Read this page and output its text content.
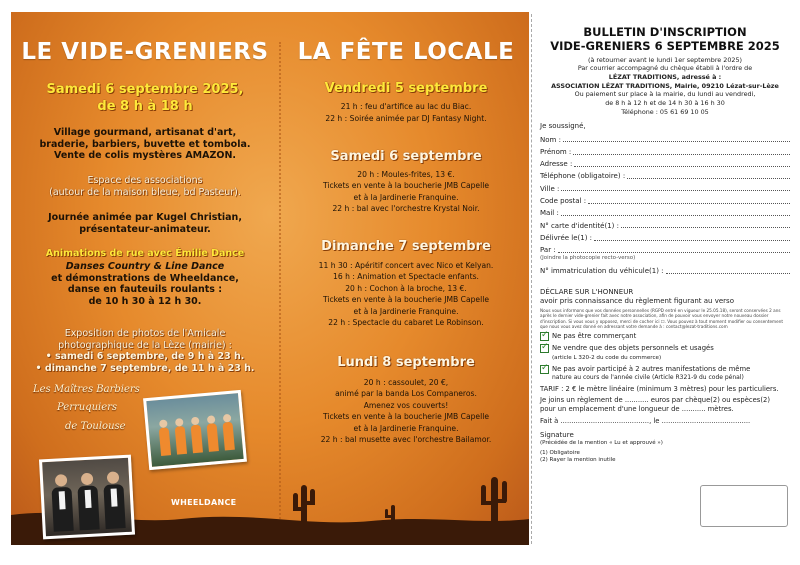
LE VIDE-GRENIERS
Samedi 6 septembre 2025,
de 8 h à 18 h
Village gourmand, artisanat d'art,
braderie, barbiers, buvette et tombola.
Vente de colis mystères AMAZON.
Espace des associations
(autour de la maison bleue, bd Pasteur).
Journée animée par Kugel Christian,
présentateur-animateur.
Animations de rue avec Émilie Dance
Danses Country & Line Dance
et démonstrations de Wheeldance,
danse en fauteuils roulants :
de 10 h 30 à 12 h 30.
Exposition de photos de l'Amicale
photographique de la Lèze (mairie) :
• samedi 6 septembre, de 9 h à 23 h.
• dimanche 7 septembre, de 11 h à 23 h.
LA FÊTE LOCALE
Vendredi 5 septembre
21 h : feu d'artifice au lac du Biac.
22 h : Soirée animée par DJ Fantasy Night.
Samedi 6 septembre
20 h : Moules-frites, 13 €.
Tickets en vente à la boucherie JMB Capelle
et à la Jardinerie Franquine.
22 h : bal avec l'orchestre Krystal Noir.
Dimanche 7 septembre
11 h 30 : Apéritif concert avec Nico et Kelyan.
16 h : Animation et Spectacle enfants.
20 h : Cochon à la broche, 13 €.
Tickets en vente à la boucherie JMB Capelle
et à la Jardinerie Franquine.
22 h : Spectacle du cabaret Le Robinson.
Lundi 8 septembre
20 h : cassoulet, 20 €,
animé par la banda Los Companeros.
Amenez vos couverts!
Tickets en vente à la boucherie JMB Capelle
et à la Jardinerie Franquine.
22 h : bal musette avec l'orchestre Bailamor.
WHEELDANCE
Les Maîtres Barbiers
Perruquiers
de Toulouse
BULLETIN D'INSCRIPTION
VIDE-GRENIERS 6 SEPTEMBRE 2025
(à retourner avant le lundi 1er septembre 2025)
Par courrier accompagné du chèque établi à l'ordre de
LÉZAT TRADITIONS, adressé à :
ASSOCIATION LÉZAT TRADITIONS, Mairie, 09210 Lézat-sur-Lèze
Ou paiement sur place à la mairie, du lundi au vendredi,
de 8 h à 12 h et de 14 h 30 à 16 h 30
Téléphone : 05 61 69 10 05
Je soussigné,
Nom :
Prénom :
Adresse :
Téléphone (obligatoire) :
Ville :
Code postal :
Mail :
N° carte d'identité(1) :
Délivrée le(1) :
Par :
(Joindre la photocopie recto-verso)
N° immatriculation du véhicule(1) :
DÉCLARE SUR L'HONNEUR
avoir pris connaissance du règlement figurant au verso
Nous vous informons que vos données personnelles (RGPD entré en vigueur le 25.05.18), seront conservées 2 ans après le dernier vide-grenier fait avec notre association, afin de pouvoir vous envoyer notre nouveau dossier d'inscription. Si vous vous y opposez, merci de cocher ici ☐. Vous pouvez à tout moment modifier ou consentement que nous vous avez donné en adressant votre demande à : contact@lezat-traditions.com
✓
Ne pas être commerçant
✓
Ne vendre que des objets personnels et usagés
(article L 320-2 du code du commerce)
✓
Ne pas avoir participé à 2 autres manifestations de même
nature au cours de l'année civile (Article R321-9 du code pénal)
TARIF : 2 € le mètre linéaire (minimum 3 mètres) pour les particuliers.
Je joins un règlement de ........... euros par chèque(2) ou espèces(2)
pour un emplacement d'une longueur de ........... mètres.
Fait à ........................................., le .........................................
Signature
(Précédée de la mention « Lu et approuvé »)
(1) Obligatoire
(2) Rayer la mention inutile
